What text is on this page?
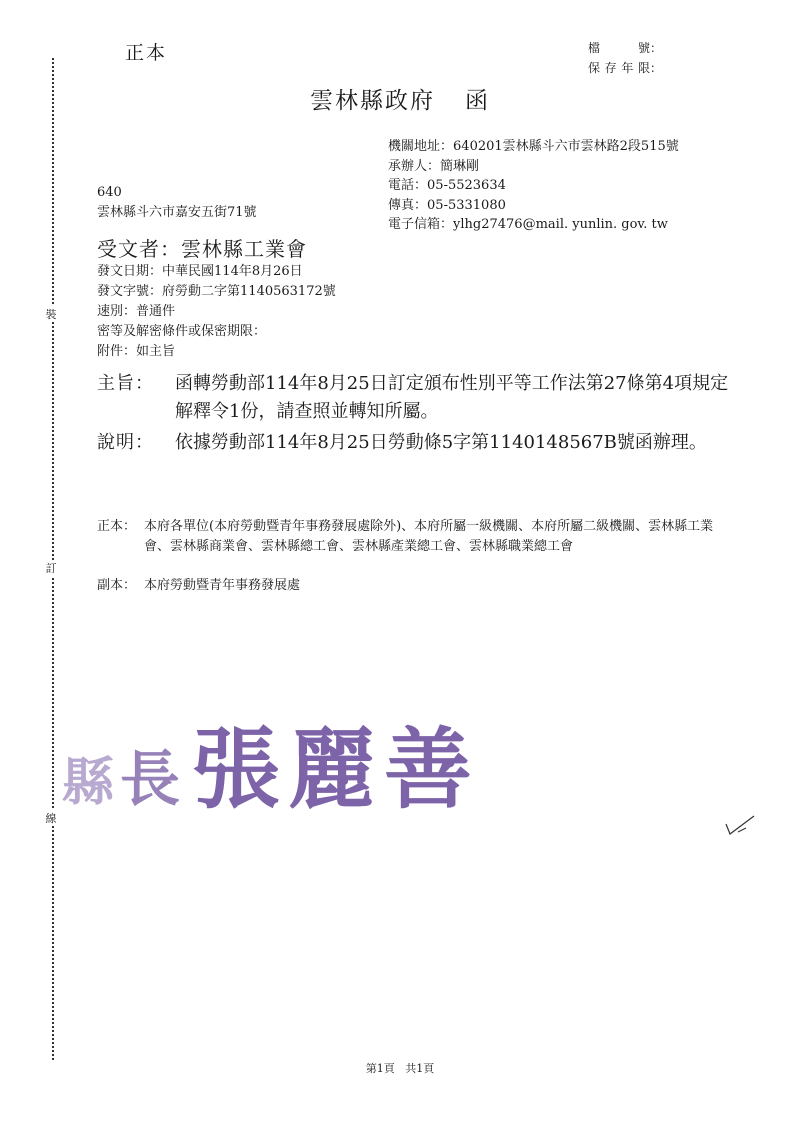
正本	檔號 ：
保存年限 ：
雲林縣政府 函
機關地址：640201雲林縣斗六市雲林路2段515號
承辦人：簡琳剛
電話：05-5523634
傳真：05-5331080
電子信箱：ylhg27476@mail. yunlin. gov. tw
640
雲林縣斗六市嘉安五街71號
受文者：雲林縣工業會
發文日期：中華民國114年8月26日
發文字號：府勞動二字第1140563172號
速別：普通件
密等及解密條件或保密期限：
附件：如主旨
主旨：	函轉勞動部114年8月25日訂定頒布性別平等工作法第27條第4項規定解釋令1份，請查照並轉知所屬。
說明：	依據勞動部114年8月25日勞動條5字第1140148567B號函辦理。
正本： 本府各單位(本府勞動暨青年事務發展處除外)、本府所屬一級機關、本府所屬二級機關、雲林縣工業會、雲林縣商業會、雲林縣總工會、雲林縣產業總工會、雲林縣職業總工會
副本： 本府勞動暨青年事務發展處
裝
訂
線
縣 長 張麗善
第1頁 共1頁
